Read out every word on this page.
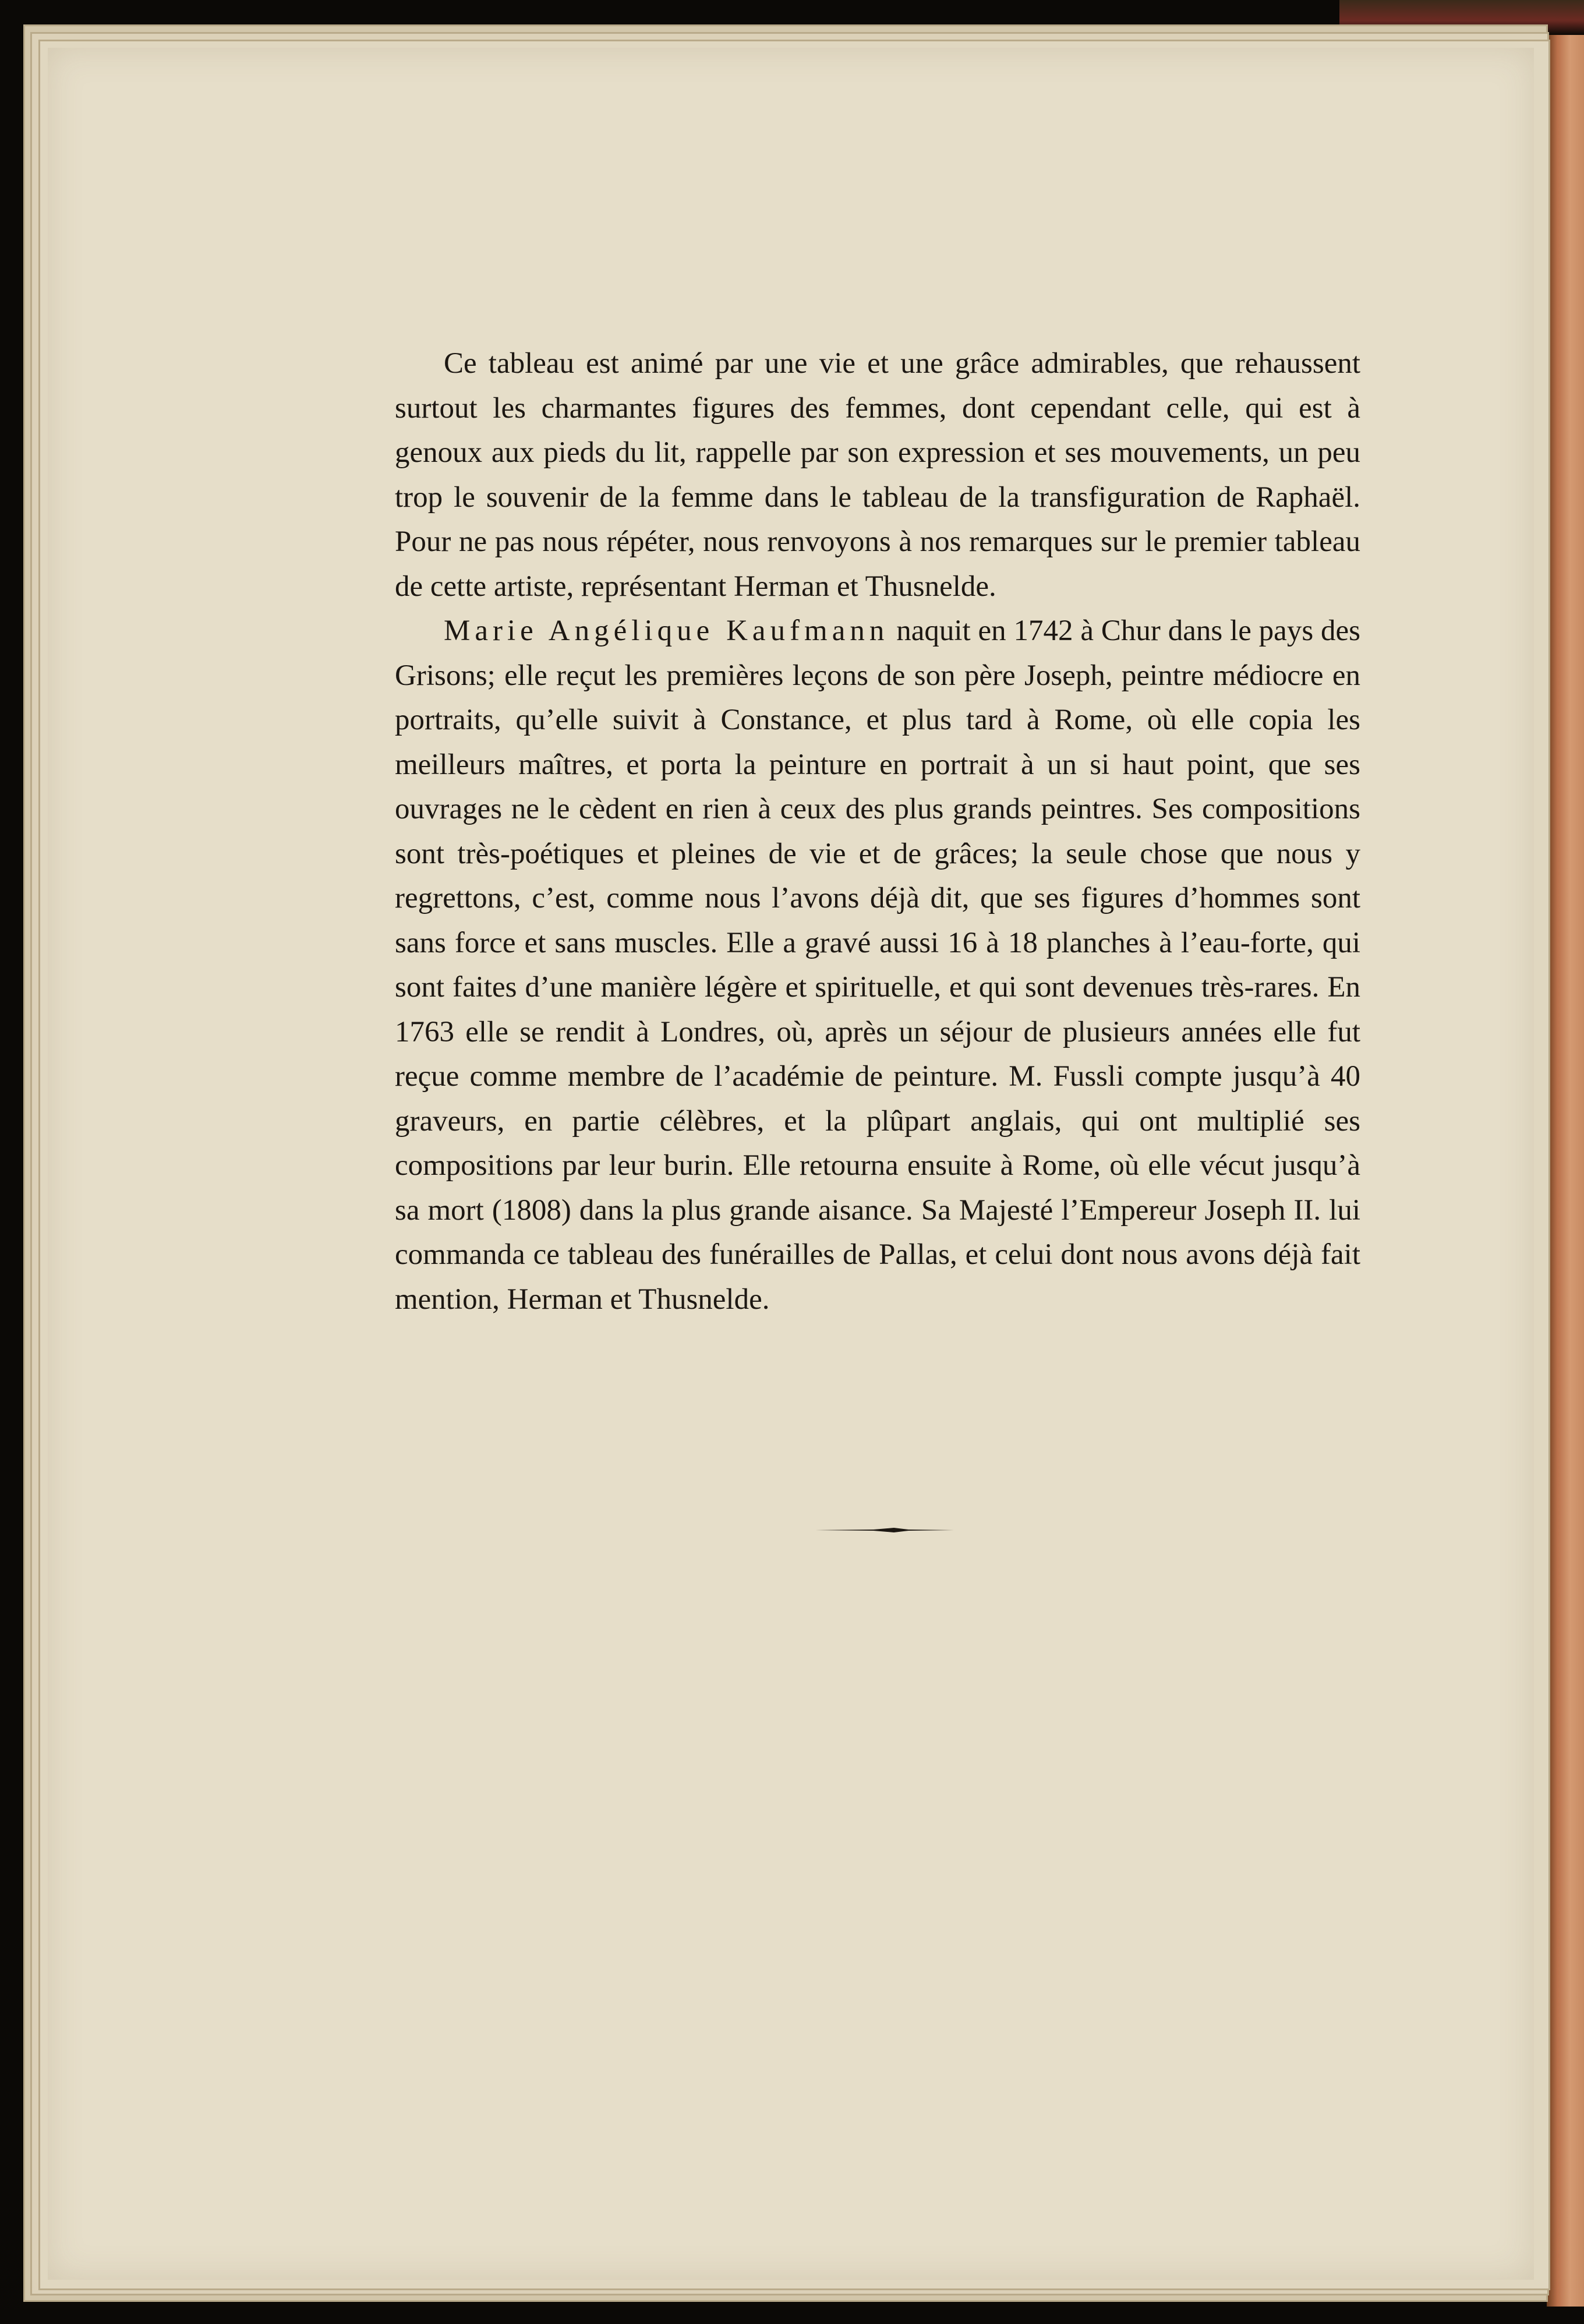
Ce tableau est animé par une vie et une grâce admirables, que rehaussent surtout les charmantes figures des femmes, dont cependant celle, qui est à genoux aux pieds du lit, rappelle par son expression et ses mouvements, un peu trop le souvenir de la femme dans le tableau de la transfiguration de Raphaël. Pour ne pas nous répéter, nous renvoyons à nos remarques sur le premier tableau de cette artiste, représentant Herman et Thusnelde.

Marie Angélique Kaufmann naquit en 1742 à Chur dans le pays des Grisons; elle reçut les premières leçons de son père Joseph, peintre médiocre en portraits, qu’elle suivit à Constance, et plus tard à Rome, où elle copia les meilleurs maîtres, et porta la peinture en portrait à un si haut point, que ses ouvrages ne le cèdent en rien à ceux des plus grands peintres. Ses compositions sont très-poétiques et pleines de vie et de grâces; la seule chose que nous y regrettons, c’est, comme nous l’avons déjà dit, que ses figures d’hommes sont sans force et sans muscles. Elle a gravé aussi 16 à 18 planches à l’eau-forte, qui sont faites d’une manière légère et spirituelle, et qui sont devenues très-rares. En 1763 elle se rendit à Londres, où, après un séjour de plusieurs années elle fut reçue comme membre de l’académie de peinture. M. Fussli compte jusqu’à 40 graveurs, en partie célèbres, et la plûpart anglais, qui ont multiplié ses compositions par leur burin. Elle retourna ensuite à Rome, où elle vécut jusqu’à sa mort (1808) dans la plus grande aisance. Sa Majesté l’Empereur Joseph II. lui commanda ce tableau des funérailles de Pallas, et celui dont nous avons déjà fait mention, Herman et Thusnelde.
